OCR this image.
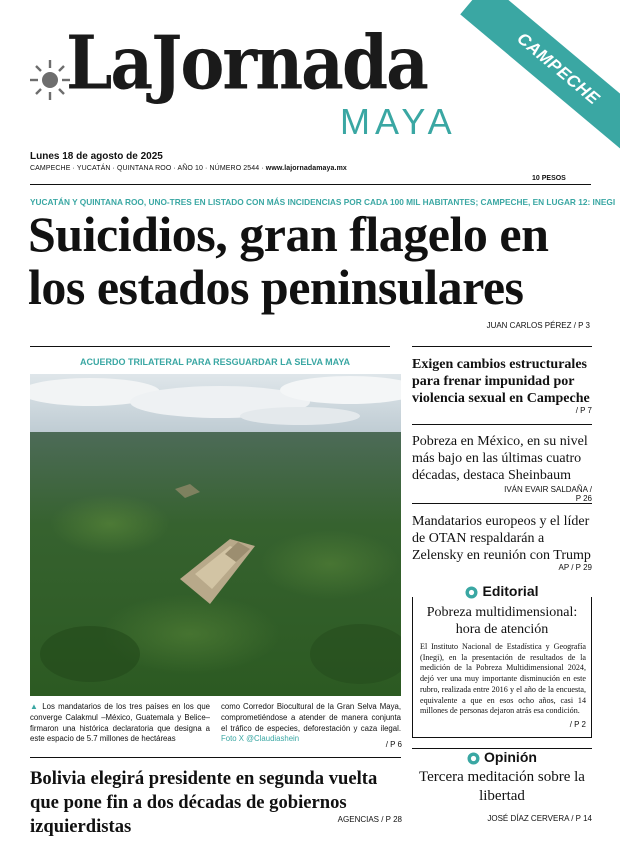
LaJornada
MAYA
CAMPECHE
Lunes 18 de agosto de 2025
CAMPECHE · YUCATÁN · QUINTANA ROO · AÑO 10 · NÚMERO 2544 · www.lajornadamaya.mx
10 PESOS
YUCATÁN Y QUINTANA ROO, UNO-TRES EN LISTADO CON MÁS INCIDENCIAS POR CADA 100 MIL HABITANTES; CAMPECHE, EN LUGAR 12: INEGI
Suicidios, gran flagelo en
los estados peninsulares
JUAN CARLOS PÉREZ / P 3
ACUERDO TRILATERAL PARA RESGUARDAR LA SELVA MAYA
▲ Los mandatarios de los tres países en los que converge Calakmul –México, Guatemala y Belice– firmaron una histórica declaratoria que designa a este espacio de 5.7 millones de hectáreas
como Corredor Biocultural de la Gran Selva Maya, comprometiéndose a atender de manera conjunta el tráfico de especies, deforestación y caza ilegal. Foto X @Claudiashein
/ P 6
Bolivia elegirá presidente en segunda vuelta que pone fin a dos décadas de gobiernos izquierdistas	AGENCIAS / P 28
Exigen cambios estructurales para frenar impunidad por violencia sexual en Campeche
/ P 7
Pobreza en México, en su nivel más bajo en las últimas cuatro décadas, destaca Sheinbaum
IVÁN EVAIR SALDAÑA / P 26
Mandatarios europeos y el líder de OTAN respaldarán a Zelensky en reunión con Trump
AP / P 29
Editorial
Pobreza multidimensional: hora de atención
El Instituto Nacional de Estadística y Geografía (Inegi), en la presentación de resultados de la medición de la Pobreza Multidimensional 2024, dejó ver una muy importante disminución en este rubro, realizada entre 2016 y el año de la encuesta, equivalente a que en esos ocho años, casi 14 millones de personas dejaron atrás esa condición.
/ P 2
Opinión
Tercera meditación sobre la libertad
JOSÉ DÍAZ CERVERA / P 14
